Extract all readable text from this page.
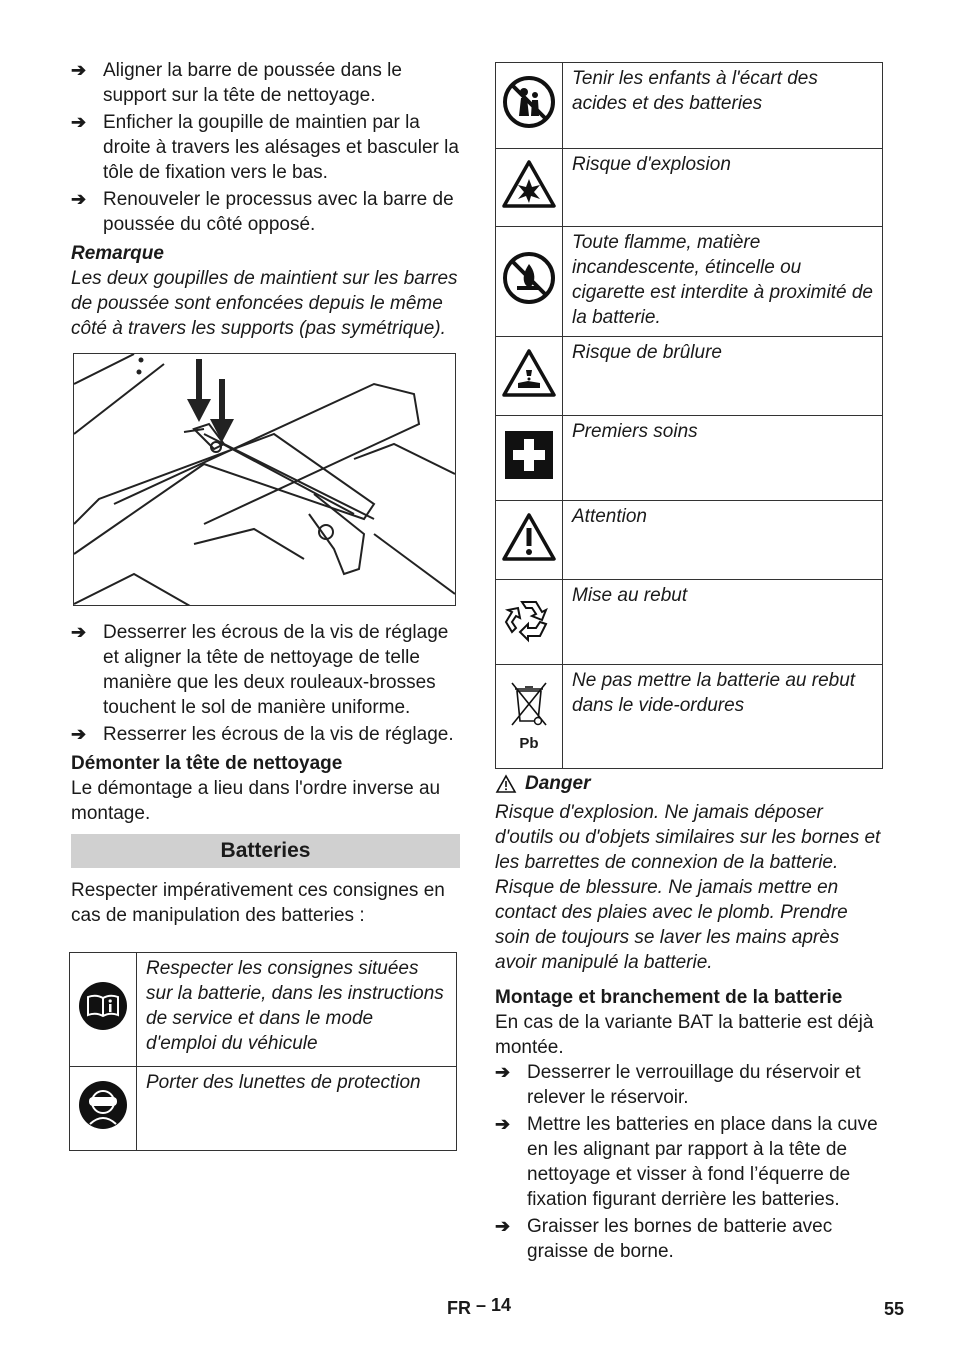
➔ Aligner la barre de poussée dans le support sur la tête de nettoyage.
➔ Enficher la goupille de maintien par la droite à travers les alésages et basculer la tôle de fixation vers le bas.
➔ Renouveler le processus avec la barre de poussée du côté opposé.
Remarque
Les deux goupilles de maintient sur les barres de poussée sont enfoncées depuis le même côté à travers les supports (pas symétrique).
➔ Desserrer les écrous de la vis de réglage et aligner la tête de nettoyage de telle manière que les deux rouleaux-brosses touchent le sol de manière uniforme.
➔ Resserrer les écrous de la vis de réglage.
Démonter la tête de nettoyage
Le démontage a lieu dans l'ordre inverse au montage.
Batteries
Respecter impérativement ces consignes en cas de manipulation des batteries :
	Respecter les consignes situées sur la batterie, dans les instructions de service et dans le mode d'emploi du véhicule
	Porter des lunettes de protection
	Tenir les enfants à l'écart des acides et des batteries
	Risque d'explosion
	Toute flamme, matière incandescente, étincelle ou cigarette est interdite à proximité de la batterie.
	Risque de brûlure
	Premiers soins
	Attention
	Mise au rebut

Pb	Ne pas mettre la batterie au rebut dans le vide-ordures
Danger
Risque d'explosion. Ne jamais déposer d'outils ou d'objets similaires sur les bornes et les barrettes de connexion de la batterie. Risque de blessure. Ne jamais mettre en contact des plaies avec le plomb. Prendre soin de toujours se laver les mains après avoir manipulé la batterie.
Montage et branchement de la batterie
En cas de la variante BAT la batterie est déjà montée.
➔ Desserrer le verrouillage du réservoir et relever le réservoir.
➔ Mettre les batteries en place dans la cuve en les alignant par rapport à la tête de nettoyage et visser à fond l’équerre de fixation figurant derrière les batteries.
➔ Graisser les bornes de batterie avec graisse de borne.
FR – 14	55
